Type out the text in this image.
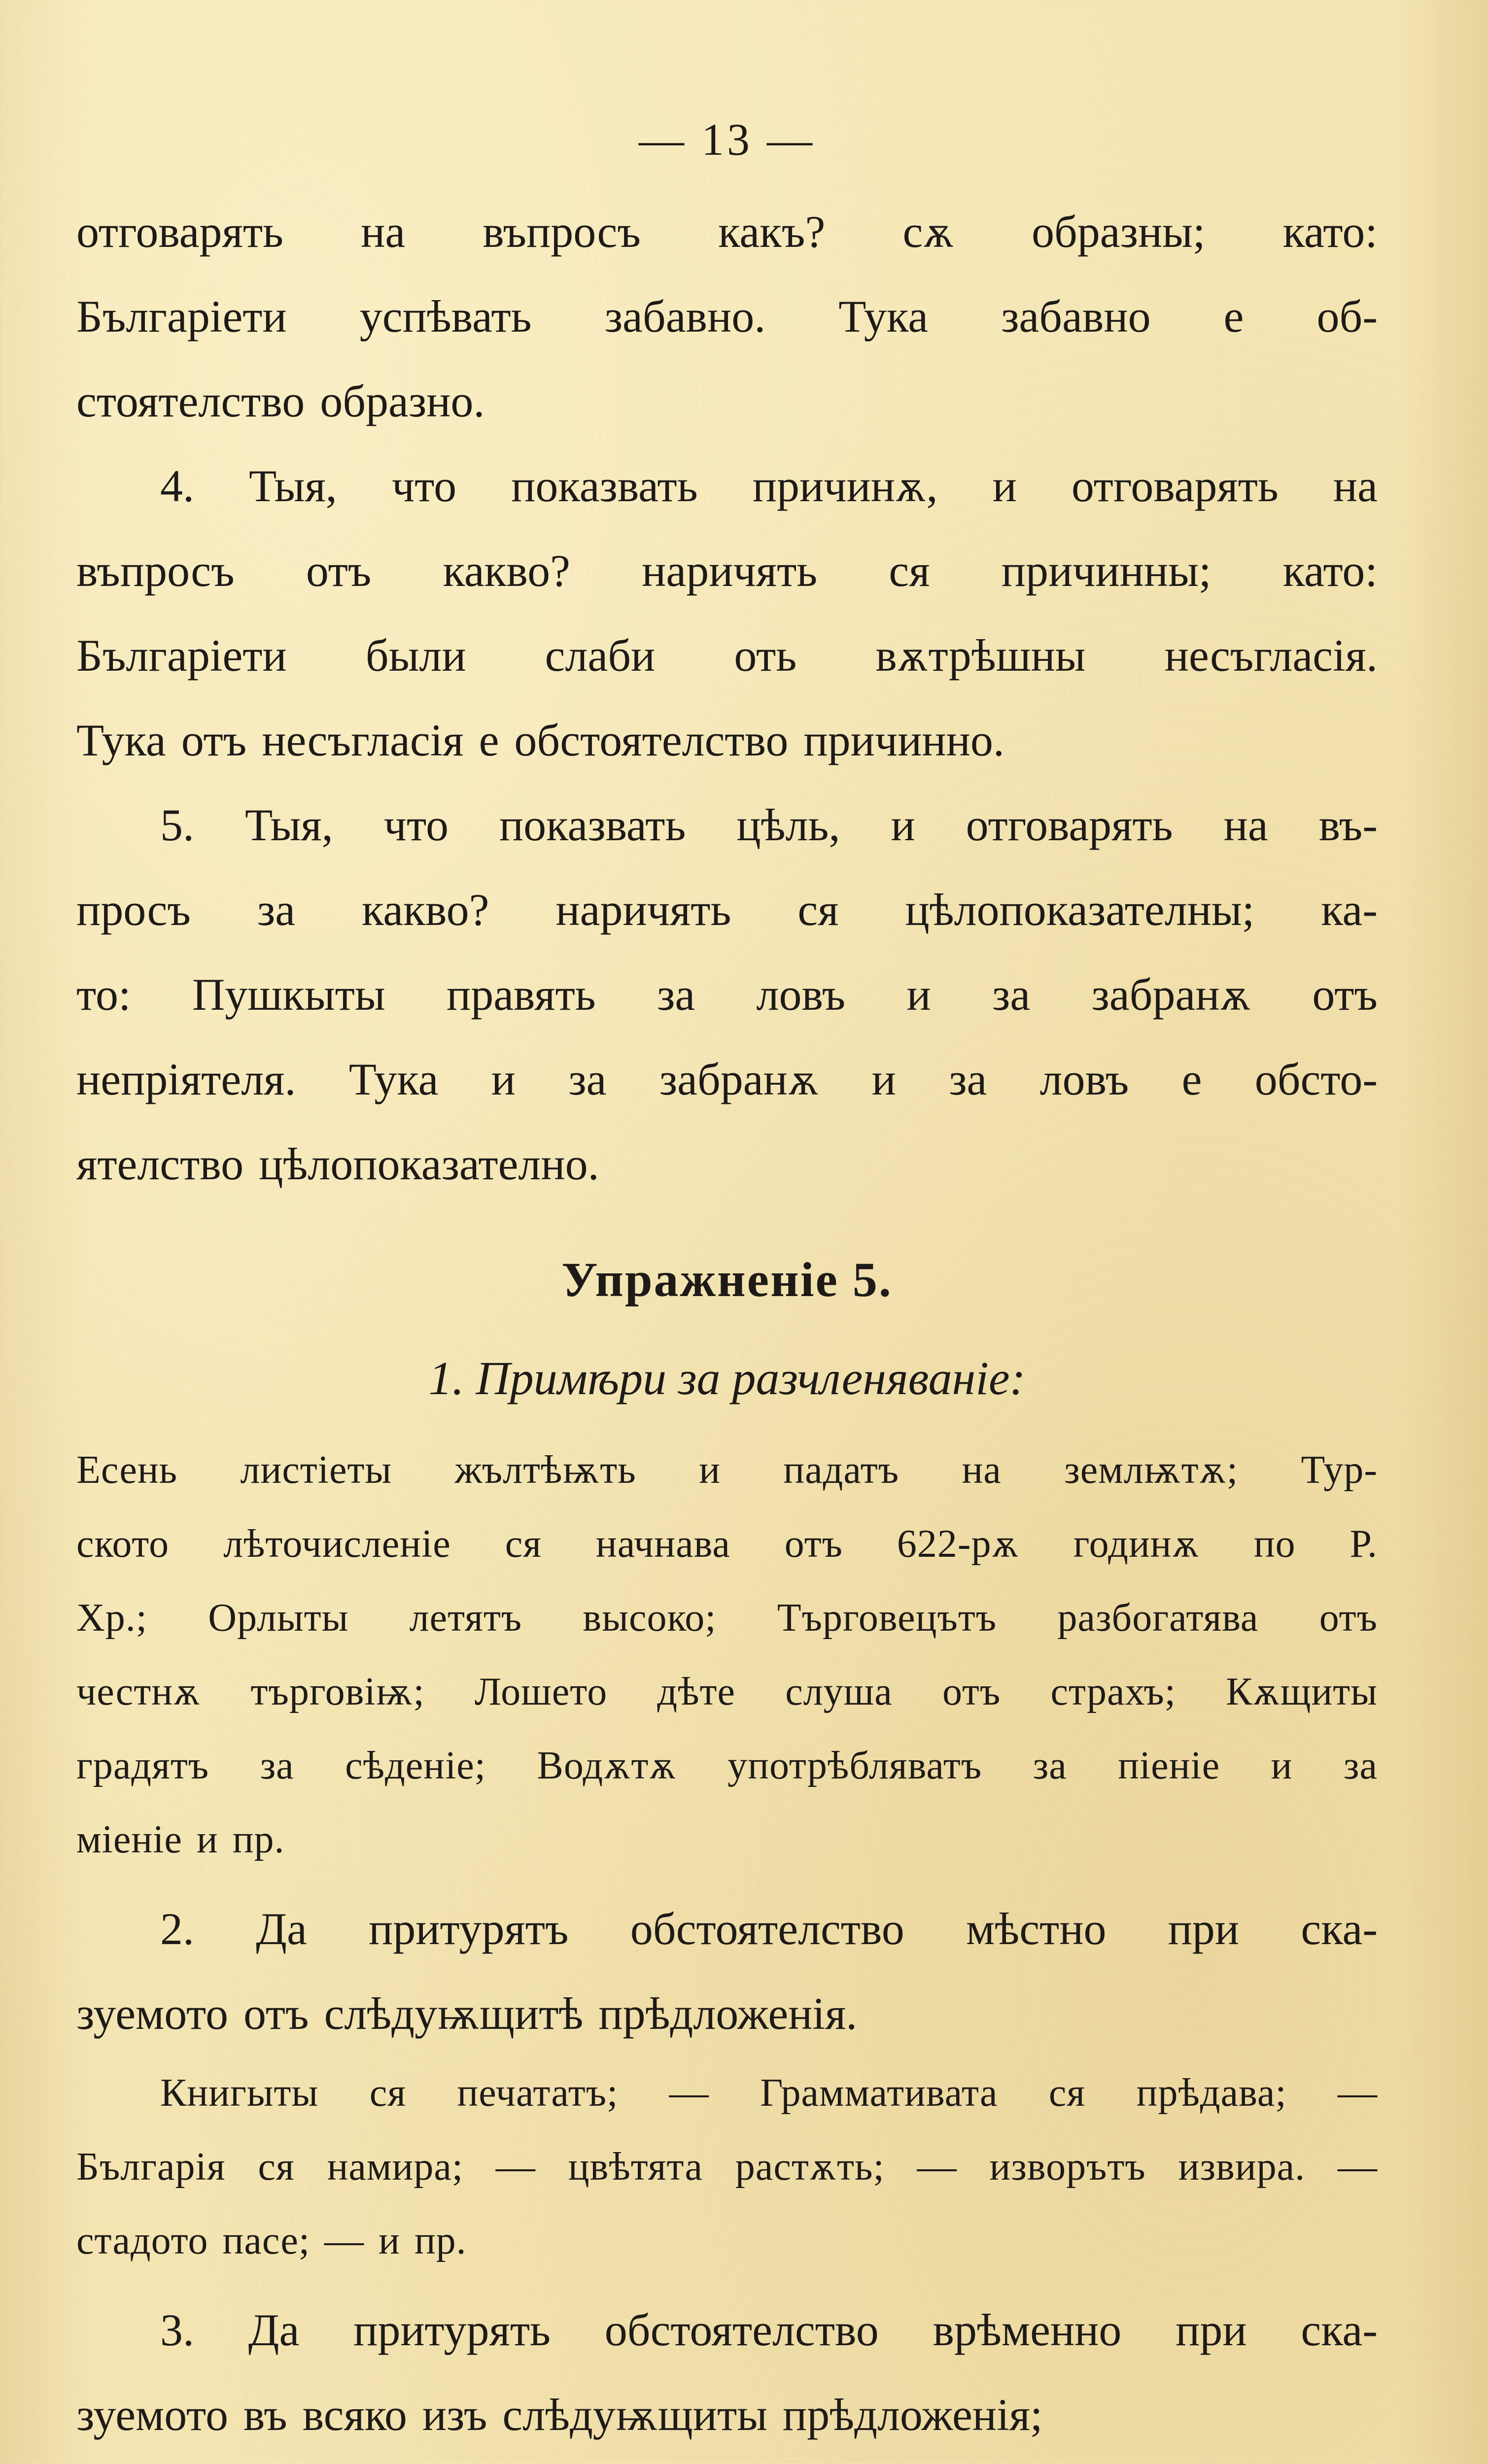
— 13 —
отговарять на въпросъ какъ? сѫ образны; като:
Българіети успѣвать забавно. Тука забавно е об-
стоятелство образно.
4. Тыя, что показвать причинѫ, и отговарять на
въпросъ отъ какво? наричять ся причинны; като:
Българіети были слаби оть вѫтрѣшны несъгласія.
Тука отъ несъгласія е обстоятелство причинно.
5. Тыя, что показвать цѣль, и отговарять на въ-
просъ за какво? наричять ся цѣлопоказателны; ка-
то: Пушкыты правять за ловъ и за забранѫ отъ
непріятеля. Тука и за забранѫ и за ловъ е обсто-
ятелство цѣлопоказателно.
Упражненіе 5.
1. Примѣри за разчленяваніе:
Есень листіеты жълтѣѭть и падатъ на землѭтѫ; Тур-
ското лѣточисленіе ся начнава отъ 622-рѫ годинѫ по Р.
Хр.; Орлыты летятъ высоко; Търговецътъ разбогатява отъ
честнѫ търговіѭ; Лошето дѣте слуша отъ страхъ; Кѫщиты
градятъ за сѣденіе; Водѫтѫ употрѣбляватъ за піеніе и за
міеніе и пр.
2. Да притурятъ обстоятелство мѣстно при ска-
зуемото отъ слѣдуѭщитѣ прѣдложенія.
Книгыты ся печататъ; — Граммативата ся прѣдава; —
Българія ся намира; — цвѣтята растѫть; — изворътъ извира. —
стадото пасе; — и пр.
3. Да притурять обстоятелство врѣменно при ска-
зуемото въ всяко изъ слѣдуѭщиты прѣдложенія;
